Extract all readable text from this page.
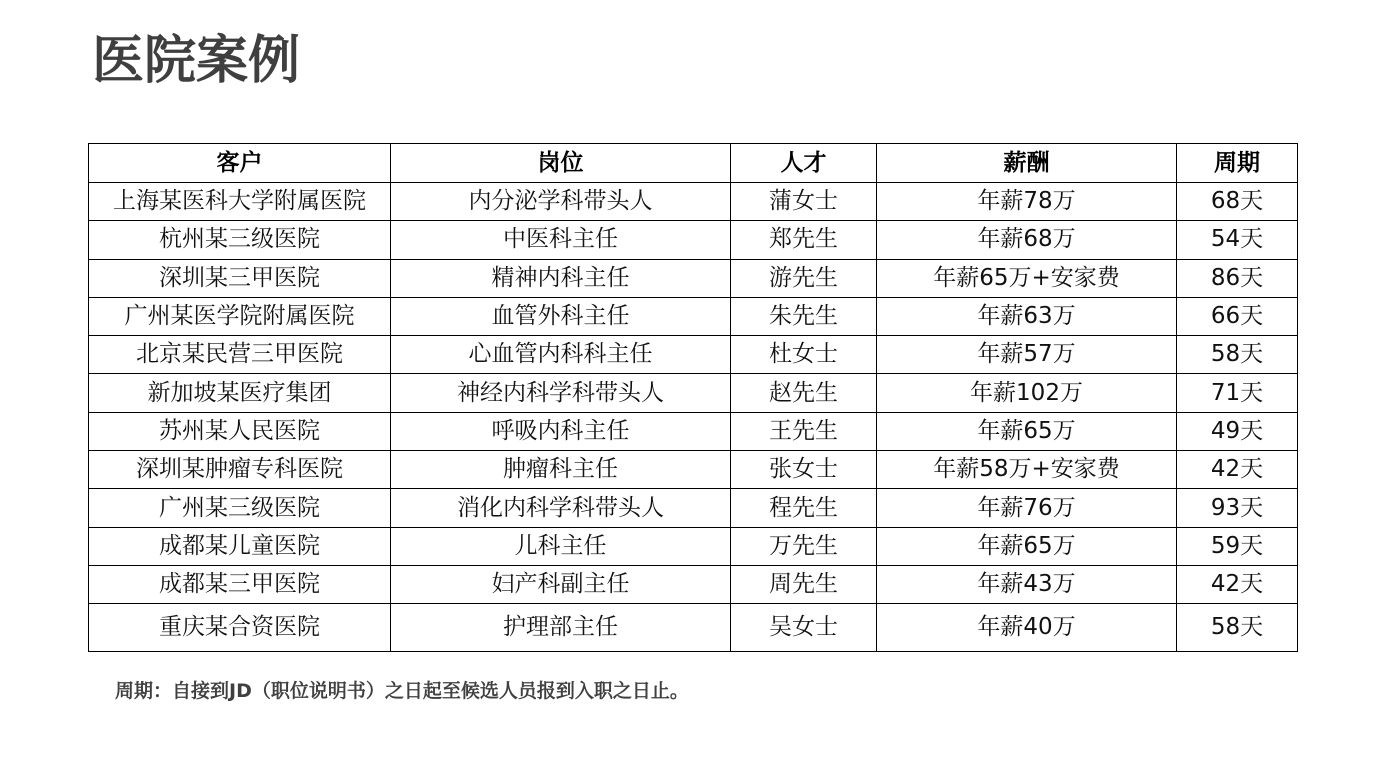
医院案例
客户	岗位	人才	薪酬	周期
上海某医科大学附属医院	内分泌学科带头人	蒲女士	年薪78万	68天
杭州某三级医院	中医科主任	郑先生	年薪68万	54天
深圳某三甲医院	精神内科主任	游先生	年薪65万+安家费	86天
广州某医学院附属医院	血管外科主任	朱先生	年薪63万	66天
北京某民营三甲医院	心血管内科科主任	杜女士	年薪57万	58天
新加坡某医疗集团	神经内科学科带头人	赵先生	年薪102万	71天
苏州某人民医院	呼吸内科主任	王先生	年薪65万	49天
深圳某肿瘤专科医院	肿瘤科主任	张女士	年薪58万+安家费	42天
广州某三级医院	消化内科学科带头人	程先生	年薪76万	93天
成都某儿童医院	儿科主任	万先生	年薪65万	59天
成都某三甲医院	妇产科副主任	周先生	年薪43万	42天
重庆某合资医院	护理部主任	吴女士	年薪40万	58天

周期：自接到JD（职位说明书）之日起至候选人员报到入职之日止。
